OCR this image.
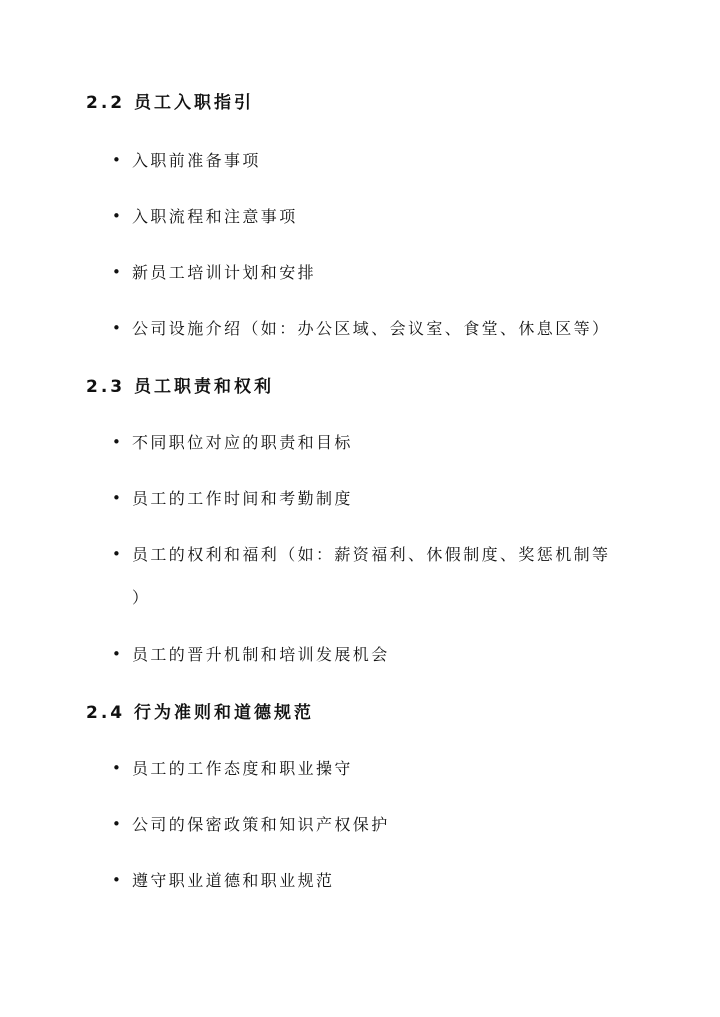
2.2 员工入职指引
• 入职前准备事项
• 入职流程和注意事项
• 新员工培训计划和安排
• 公司设施介绍（如：办公区域、会议室、食堂、休息区等）
2.3 员工职责和权利
• 不同职位对应的职责和目标
• 员工的工作时间和考勤制度
• 员工的权利和福利（如：薪资福利、休假制度、奖惩机制等
）
• 员工的晋升机制和培训发展机会
2.4 行为准则和道德规范
• 员工的工作态度和职业操守
• 公司的保密政策和知识产权保护
• 遵守职业道德和职业规范
